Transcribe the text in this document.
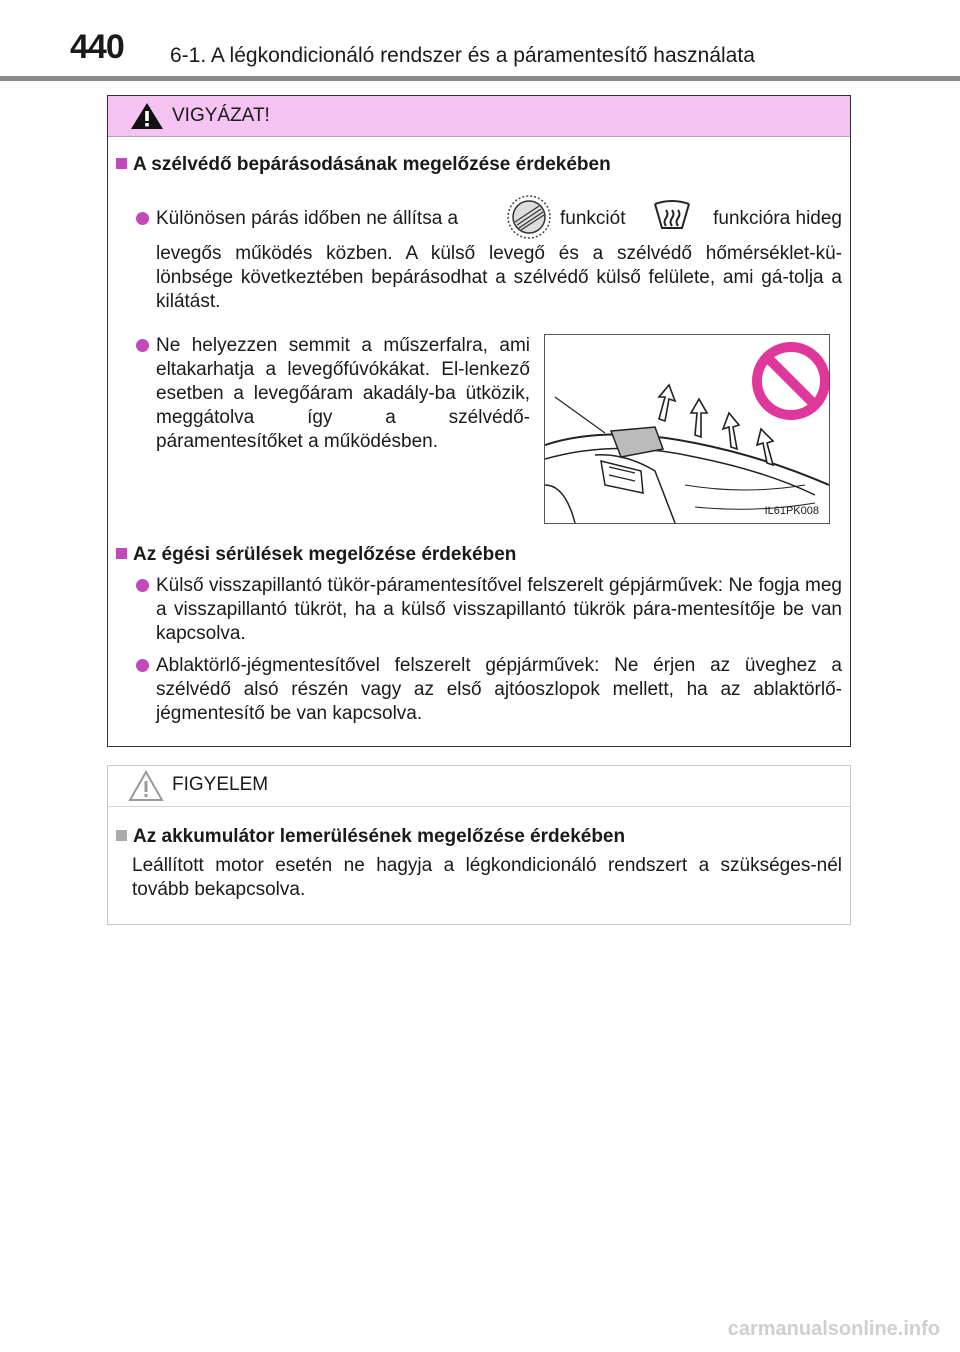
440 6-1. A légkondicionáló rendszer és a páramentesítő használata
VIGYÁZAT!
A szélvédő bepárásodásának megelőzése érdekében
Különösen párás időben ne állítsa a	funkciót	funkcióra hideg
levegős működés közben. A külső levegő és a szélvédő hőmérséklet-kü-lönbsége következtében bepárásodhat a szélvédő külső felülete, ami gá-tolja a kilátást.
Ne helyezzen semmit a műszerfalra, ami eltakarhatja a levegőfúvókákat. El-lenkező esetben a levegőáram akadály-ba ütközik, meggátolva így a szélvédő-páramentesítőket a működésben.
IL61PK008
Az égési sérülések megelőzése érdekében
Külső visszapillantó tükör-páramentesítővel felszerelt gépjárművek: Ne fogja meg a visszapillantó tükröt, ha a külső visszapillantó tükrök pára-mentesítője be van kapcsolva.
Ablaktörlő-jégmentesítővel felszerelt gépjárművek: Ne érjen az üveghez a szélvédő alsó részén vagy az első ajtóoszlopok mellett, ha az ablaktörlő-jégmentesítő be van kapcsolva.
FIGYELEM
Az akkumulátor lemerülésének megelőzése érdekében
Leállított motor esetén ne hagyja a légkondicionáló rendszert a szükséges-nél tovább bekapcsolva.
carmanualsonline.info
